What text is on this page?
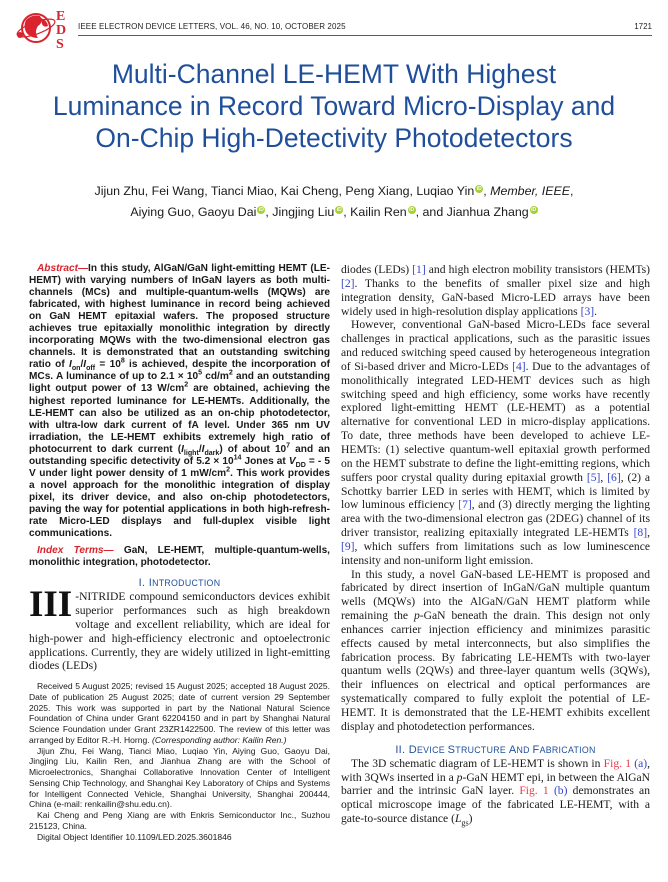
E
D
S
IEEE ELECTRON DEVICE LETTERS, VOL. 46, NO. 10, OCTOBER 2025	1721
Multi-Channel LE-HEMT With Highest
Luminance in Record Toward Micro-Display and
On-Chip High-Detectivity Photodetectors
Jijun Zhu, Fei Wang, Tianci Miao, Kai Cheng, Peng Xiang, Luqiao Yin iD , Member, IEEE,
Aiying Guo, Gaoyu Dai iD , Jingjing Liu iD , Kailin Ren iD , and Jianhua Zhang iD
Abstract—In this study, AlGaN/GaN light-emitting HEMT (LE-HEMT) with varying numbers of InGaN layers as both multi-channels (MCs) and multiple-quantum-wells (MQWs) are fabricated, with highest luminance in record being achieved on GaN HEMT epitaxial wafers. The proposed structure achieves true epitaxially monolithic integration by directly incorporating MQWs with the two-dimensional electron gas channels. It is demonstrated that an outstanding switching ratio of $I_{on}/I_{off} = 10^8$ is achieved, despite the incorporation of MCs. A luminance of up to $2.1 \times 10^5$ $cd/m^2$ and an outstanding light output power of 13 $W/cm^2$ are obtained, achieving the highest reported luminance for LE-HEMTs. Additionally, the LE-HEMT can also be utilized as an on-chip photodetector, with ultra-low dark current of fA level. Under 365 nm UV irradiation, the LE-HEMT exhibits extremely high ratio of photocurrent to dark current $(I_{light}/I_{dark})$ of about $10^7$ and an outstanding specific detectivity of $5.2 \times 10^{14}$ Jones at $V_{DD}$ = - 5 V under light power density of 1 $mW/cm^2$. This work provides a novel approach for the monolithic integration of display pixel, its driver device, and also on-chip photodetectors, paving the way for potential applications in both high-refresh-rate Micro-LED displays and full-duplex visible light communications.
Index Terms— GaN, LE-HEMT, multiple-quantum-wells, monolithic integration, photodetector.
I. INTRODUCTION

III -NITRIDE compound semiconductors devices exhibit superior performances such as high breakdown voltage and excellent reliability, which are ideal for high-power and high-efficiency electronic and optoelectronic applications. Currently, they are widely utilized in light-emitting diodes (LEDs)

Received 5 August 2025; revised 15 August 2025; accepted 18 August 2025. Date of publication 25 August 2025; date of current version 29 September 2025. This work was supported in part by the National Natural Science Foundation of China under Grant 62204150 and in part by Shanghai Natural Science Foundation under Grant 23ZR1422500. The review of this letter was arranged by Editor R.-H. Horng. (Corresponding author: Kailin Ren.)

Jijun Zhu, Fei Wang, Tianci Miao, Luqiao Yin, Aiying Guo, Gaoyu Dai, Jingjing Liu, Kailin Ren, and Jianhua Zhang are with the School of Microelectronics, Shanghai Collaborative Innovation Center of Intelligent Sensing Chip Technology, and Shanghai Key Laboratory of Chips and Systems for Intelligent Connected Vehicle, Shanghai University, Shanghai 200444, China (e-mail: renkailin@shu.edu.cn).

Kai Cheng and Peng Xiang are with Enkris Semiconductor Inc., Suzhou 215123, China.

Digital Object Identifier 10.1109/LED.2025.3601846

diodes (LEDs) [1] and high electron mobility transistors (HEMTs) [2]. Thanks to the benefits of smaller pixel size and high integration density, GaN-based Micro-LED arrays have been widely used in high-resolution display applications [3].

However, conventional GaN-based Micro-LEDs face several challenges in practical applications, such as the parasitic issues and reduced switching speed caused by heterogeneous integration of Si-based driver and Micro-LEDs [4]. Due to the advantages of monolithically integrated LED-HEMT devices such as high switching speed and high efficiency, some works have recently explored light-emitting HEMT (LE-HEMT) as a potential alternative for conventional LED in micro-display applications. To date, three methods have been developed to achieve LE-HEMTs: (1) selective quantum-well epitaxial growth performed on the HEMT substrate to define the light-emitting regions, which suffers poor crystal quality during epitaxial growth [5], [6], (2) a Schottky barrier LED in series with HEMT, which is limited by low luminous efficiency [7], and (3) directly merging the lighting area with the two-dimensional electron gas (2DEG) channel of its driver transistor, realizing epitaxially integrated LE-HEMTs [8], [9], which suffers from limitations such as low luminescence intensity and non-uniform light emission.

In this study, a novel GaN-based LE-HEMT is proposed and fabricated by direct insertion of InGaN/GaN multiple quantum wells (MQWs) into the AlGaN/GaN HEMT platform while remaining the p-GaN beneath the drain. This design not only enhances carrier injection efficiency and minimizes parasitic effects caused by metal interconnects, but also simplifies the fabrication process. By fabricating LE-HEMTs with two-layer quantum wells (2QWs) and three-layer quantum wells (3QWs), their influences on electrical and optical performances are systematically compared to fully exploit the potential of LE-HEMT. It is demonstrated that the LE-HEMT exhibits excellent display and photodetection performances.

II. DEVICE STRUCTURE AND FABRICATION

The 3D schematic diagram of LE-HEMT is shown in Fig. 1 (a), with 3QWs inserted in a p-GaN HEMT epi, in between the AlGaN barrier and the intrinsic GaN layer. Fig. 1 (b) demonstrates an optical microscope image of the fabricated LE-HEMT, with a gate-to-source distance $(L_{gs})$
